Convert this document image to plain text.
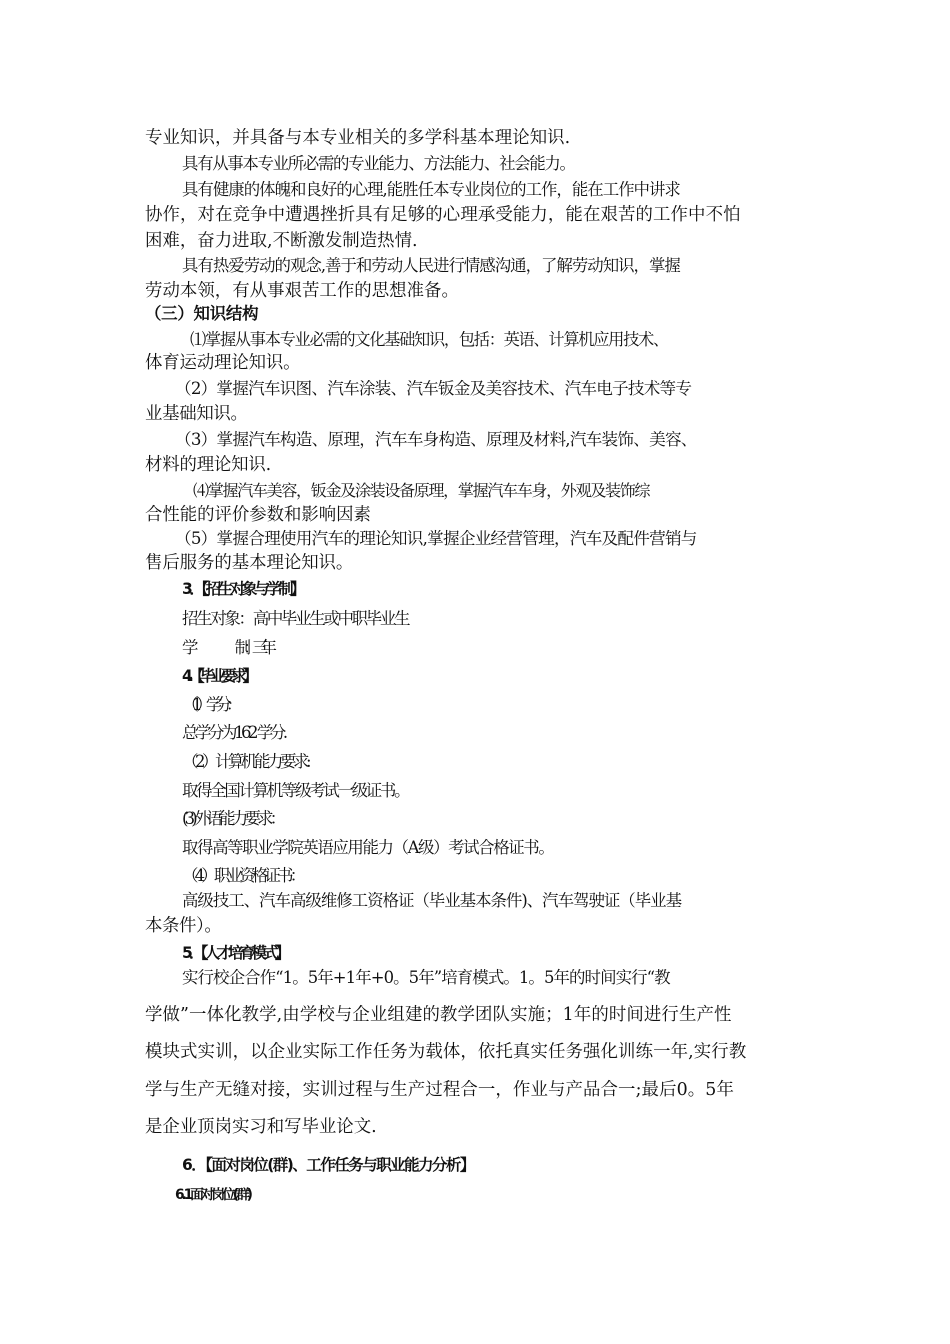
专业知识，并具备与本专业相关的多学科基本理论知识.
具有从事本专业所必需的专业能力、方法能力、社会能力。
具有健康的体魄和良好的心理,能胜任本专业岗位的工作，能在工作中讲求
协作，对在竞争中遭遇挫折具有足够的心理承受能力，能在艰苦的工作中不怕
困难，奋力进取,不断激发制造热情.
具有热爱劳动的观念,善于和劳动人民进行情感沟通，了解劳动知识，掌握
劳动本领，有从事艰苦工作的思想准备。
（三）知识结构
⑴掌握从事本专业必需的文化基础知识，包括：英语、计算机应用技术、
体育运动理论知识。
（2）掌握汽车识图、汽车涂装、汽车钣金及美容技术、汽车电子技术等专
业基础知识。
（3）掌握汽车构造、原理，汽车车身构造、原理及材料,汽车装饰、美容、
材料的理论知识.
⑷掌握汽车美容，钣金及涂装设备原理，掌握汽车车身，外观及装饰综
合性能的评价参数和影响因素
（5）掌握合理使用汽车的理论知识,掌握企业经营管理，汽车及配件营销与
售后服务的基本理论知识。
3．【招生对象与学制】
招生对象：高中毕业生或中职毕业生
学	制：三年
4.【毕业要求】
（1）学分：
总学分为162 学分.
（2）计算机能力要求:
取得全国计算机等级考试一级证书。
(3)外语能力要求：
取得高等职业学院英语应用能力（A级）考试合格证书。
（4）职业资格证书：
高级技工、汽车高级维修工资格证（毕业基本条件)、汽车驾驶证（毕业基
本条件）。
5．【人才培育模式】
实行校企合作“1。5年+1年+0。5年”培育模式。1。5年的时间实行“教
学做”一体化教学,由学校与企业组建的教学团队实施；1年的时间进行生产性
模块式实训，以企业实际工作任务为载体，依托真实任务强化训练一年,实行教
学与生产无缝对接，实训过程与生产过程合一，作业与产品合一;最后0。5年
是企业顶岗实习和写毕业论文.
6．【面对岗位(群)、工作任务与职业能力分析】
6.1面对岗位(群)
